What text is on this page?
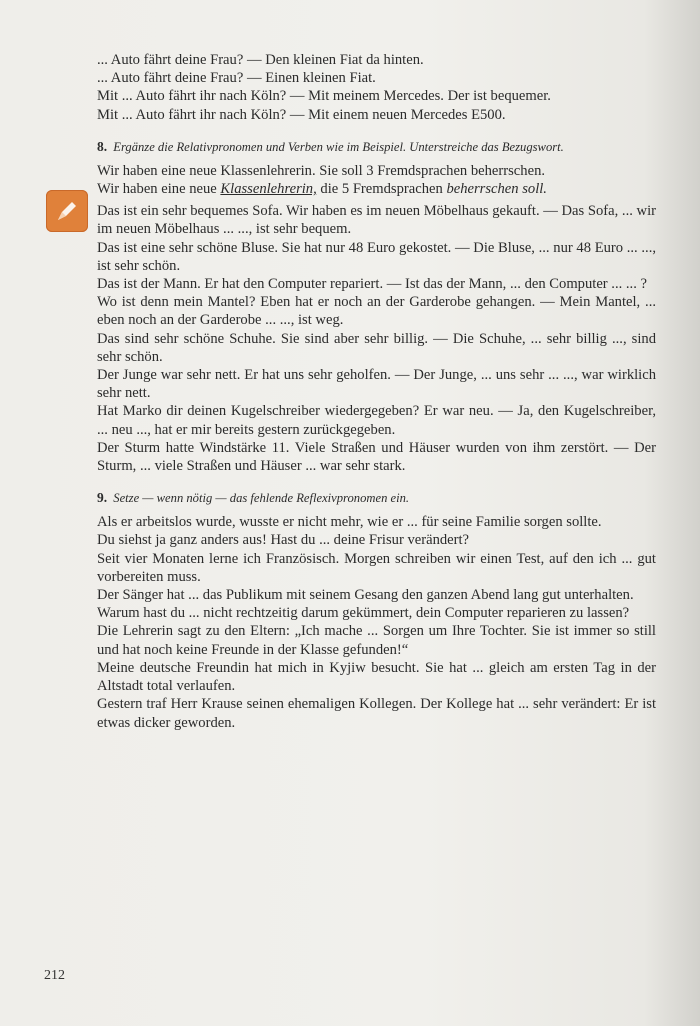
... Auto fährt deine Frau? — Den kleinen Fiat da hinten.
... Auto fährt deine Frau? — Einen kleinen Fiat.
Mit ... Auto fährt ihr nach Köln? — Mit meinem Mercedes. Der ist bequemer.
Mit ... Auto fährt ihr nach Köln? — Mit einem neuen Mercedes E500.
8. Ergänze die Relativpronomen und Verben wie im Beispiel. Unterstreiche das Bezugswort.
Wir haben eine neue Klassenlehrerin. Sie soll 3 Fremdsprachen beherrschen.
Wir haben eine neue Klassenlehrerin, die 5 Fremdsprachen beherrschen soll.
Das ist ein sehr bequemes Sofa. Wir haben es im neuen Möbelhaus gekauft. — Das Sofa, ... wir im neuen Möbelhaus ... ..., ist sehr bequem.
Das ist eine sehr schöne Bluse. Sie hat nur 48 Euro gekostet. — Die Bluse, ... nur 48 Euro ... ..., ist sehr schön.
Das ist der Mann. Er hat den Computer repariert. — Ist das der Mann, ... den Computer ... ... ?
Wo ist denn mein Mantel? Eben hat er noch an der Garderobe gehangen. — Mein Mantel, ... eben noch an der Garderobe ... ..., ist weg.
Das sind sehr schöne Schuhe. Sie sind aber sehr billig. — Die Schuhe, ... sehr billig ..., sind sehr schön.
Der Junge war sehr nett. Er hat uns sehr geholfen. — Der Junge, ... uns sehr ... ..., war wirklich sehr nett.
Hat Marko dir deinen Kugelschreiber wiedergegeben? Er war neu. — Ja, den Kugelschreiber, ... neu ..., hat er mir bereits gestern zurückgegeben.
Der Sturm hatte Windstärke 11. Viele Straßen und Häuser wurden von ihm zerstört. — Der Sturm, ... viele Straßen und Häuser ... war sehr stark.
9. Setze — wenn nötig — das fehlende Reflexivpronomen ein.
Als er arbeitslos wurde, wusste er nicht mehr, wie er ... für seine Familie sorgen sollte.
Du siehst ja ganz anders aus! Hast du ... deine Frisur verändert?
Seit vier Monaten lerne ich Französisch. Morgen schreiben wir einen Test, auf den ich ... gut vorbereiten muss.
Der Sänger hat ... das Publikum mit seinem Gesang den ganzen Abend lang gut unterhalten.
Warum hast du ... nicht rechtzeitig darum gekümmert, dein Computer reparieren zu lassen?
Die Lehrerin sagt zu den Eltern: „Ich mache ... Sorgen um Ihre Tochter. Sie ist immer so still und hat noch keine Freunde in der Klasse gefunden!“
Meine deutsche Freundin hat mich in Kyjiw besucht. Sie hat ... gleich am ersten Tag in der Altstadt total verlaufen.
Gestern traf Herr Krause seinen ehemaligen Kollegen. Der Kollege hat ... sehr verändert: Er ist etwas dicker geworden.
212
